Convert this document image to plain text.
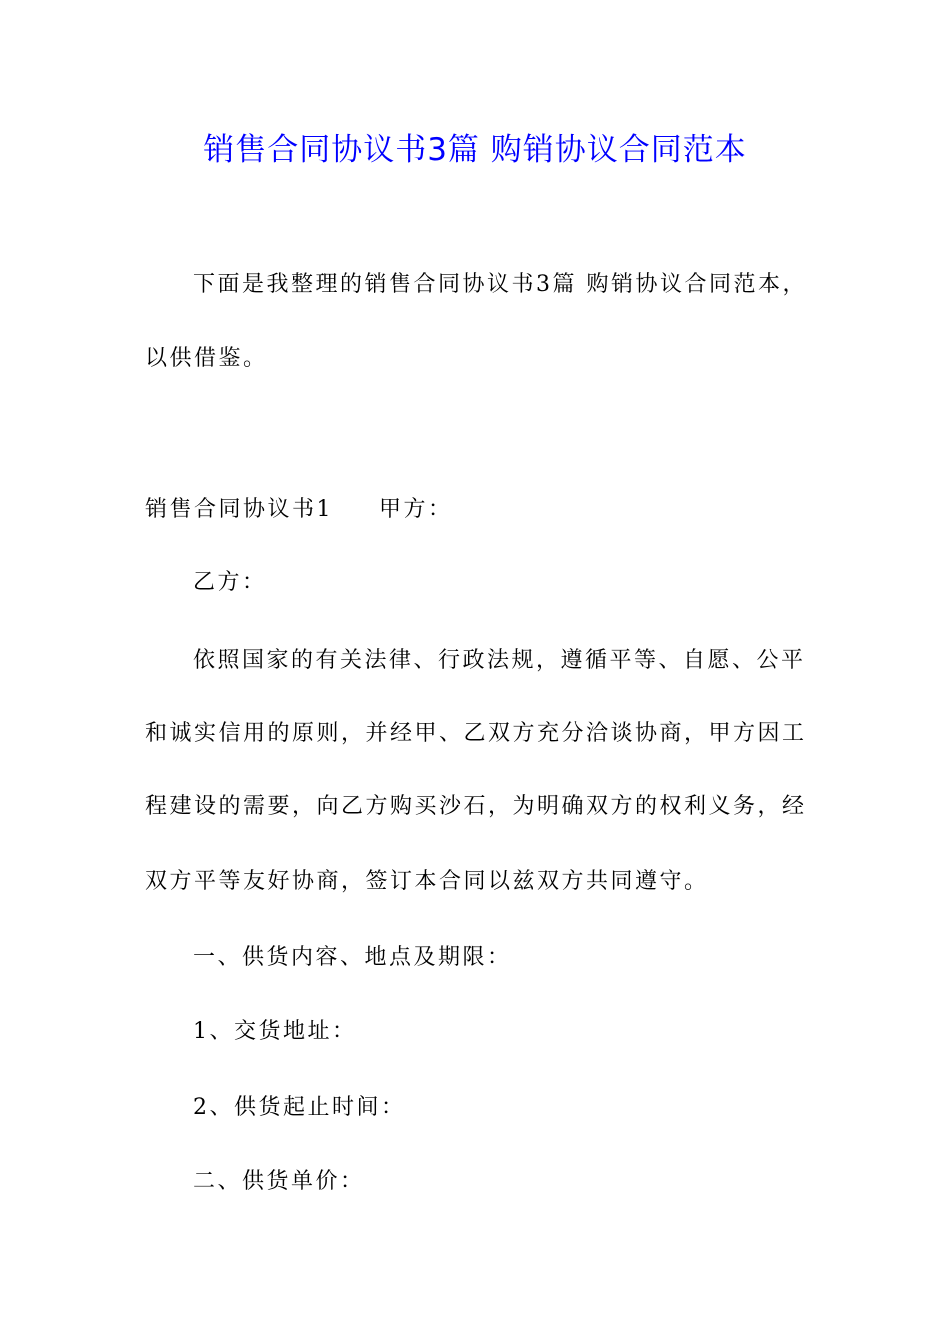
销售合同协议书3篇 购销协议合同范本
下面是我整理的销售合同协议书3篇 购销协议合同范本，
以供借鉴。
销售合同协议书1 甲方：
乙方：
依照国家的有关法律、行政法规，遵循平等、自愿、公平
和诚实信用的原则，并经甲、乙双方充分洽谈协商，甲方因工
程建设的需要，向乙方购买沙石，为明确双方的权利义务，经
双方平等友好协商，签订本合同以兹双方共同遵守。
一、供货内容、地点及期限：
1、交货地址：
2、供货起止时间：
二、供货单价：
